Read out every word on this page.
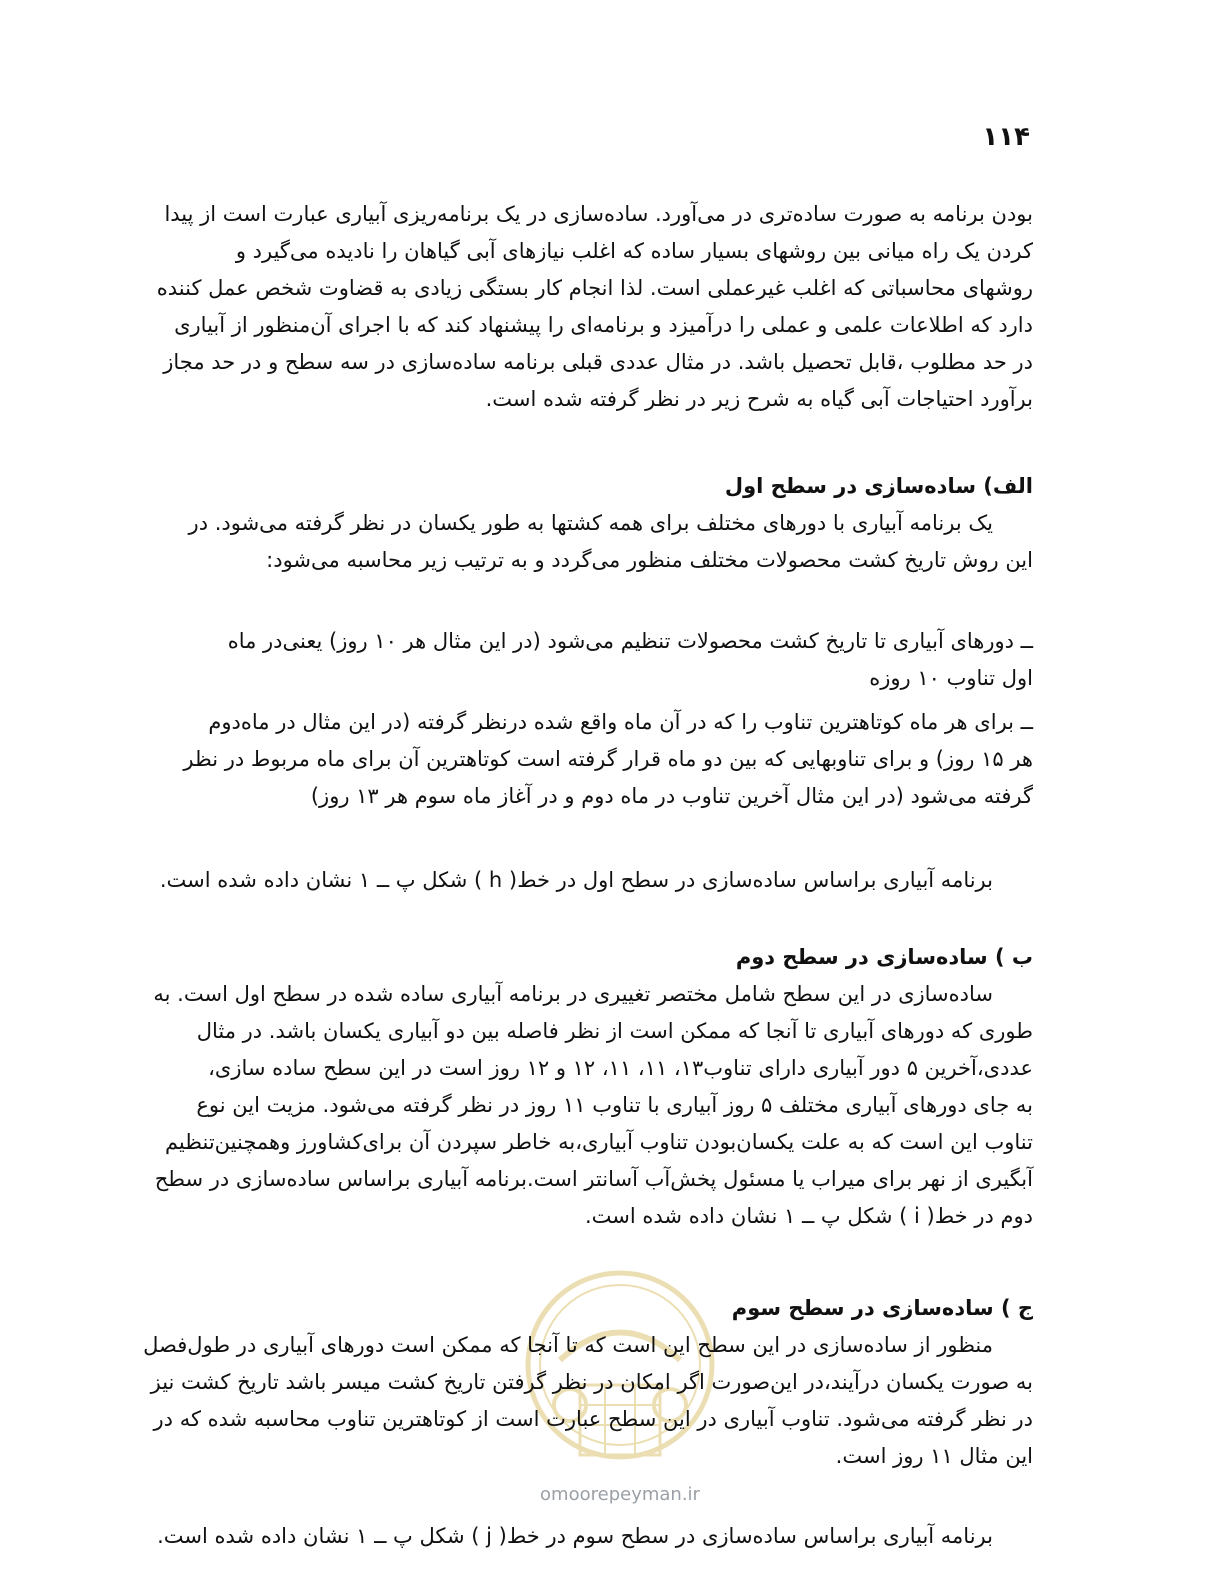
۱۱۴
بودن برنامه به صورت ساده‌تری در می‌آورد. ساده‌سازی در یک برنامه‌ریزی آبیاری عبارت است از پیدا
کردن یک راه میانی بین روشهای بسیار ساده که اغلب نیازهای آبی گیاهان را نادیده می‌گیرد و
روشهای محاسباتی که اغلب غیرعملی است. لذا انجام کار بستگی زیادی به قضاوت شخص عمل کننده
دارد که اطلاعات علمی و عملی را درآمیزد و برنامه‌ای را پیشنهاد کند که با اجرای آن‌منظور از آبیاری
در حد مطلوب ،قابل تحصیل باشد. در مثال عددی قبلی برنامه ساده‌سازی در سه سطح و در حد مجاز
برآورد احتیاجات آبی گیاه به شرح زیر در نظر گرفته شده است.
الف) ساده‌سازی در سطح اول
یک برنامه آبیاری با دورهای مختلف برای همه کشتها به طور یکسان در نظر گرفته می‌شود. در
این روش تاریخ کشت محصولات مختلف منظور می‌گردد و به ترتیب زیر محاسبه می‌شود:
ــ دورهای آبیاری تا تاریخ کشت محصولات تنظیم می‌شود (در این مثال هر ۱۰ روز) یعنی‌در ماه
اول تناوب ۱۰ روزه
ــ برای هر ماه کوتاهترین تناوب را که در آن ماه واقع شده درنظر گرفته (در این مثال در ماه‌دوم
هر ۱۵ روز) و برای تناوبهایی که بین دو ماه قرار گرفته است کوتاهترین آن برای ماه مربوط در نظر
گرفته می‌شود (در این مثال آخرین تناوب در ماه دوم و در آغاز ماه سوم هر ۱۳ روز)
برنامه آبیاری براساس ساده‌سازی در سطح اول در خط( h ) شکل پ ــ ۱ نشان داده شده است.
ب ) ساده‌سازی در سطح دوم
ساده‌سازی در این سطح شامل مختصر تغییری در برنامه آبیاری ساده شده در سطح اول است. به
طوری که دورهای آبیاری تا آنجا که ممکن است از نظر فاصله بین دو آبیاری یکسان باشد. در مثال
عددی،آخرین ۵ دور آبیاری دارای تناوب۱۳، ۱۱، ۱۱، ۱۲ و ۱۲ روز است در این سطح ساده سازی،
به جای دورهای آبیاری مختلف ۵ روز آبیاری با تناوب ۱۱ روز در نظر گرفته می‌شود. مزیت این نوع
تناوب این است که به علت یکسان‌بودن تناوب آبیاری،به خاطر سپردن آن برای‌کشاورز وهمچنین‌تنظیم
آبگیری از نهر برای میراب یا مسئول پخش‌آب آسانتر است.برنامه آبیاری براساس ساده‌سازی در سطح
دوم در خط( i ) شکل پ ــ ۱ نشان داده شده است.
ج ) ساده‌سازی در سطح سوم
منظور از ساده‌سازی در این سطح این است که تا آنجا که ممکن است دورهای آبیاری در طول‌فصل
به صورت یکسان درآیند،در این‌صورت اگر امکان در نظر گرفتن تاریخ کشت میسر باشد تاریخ کشت نیز
در نظر گرفته می‌شود. تناوب آبیاری در این سطح عبارت است از کوتاهترین تناوب محاسبه شده که در
این مثال ۱۱ روز است.
omoorepeyman.ir
برنامه آبیاری براساس ساده‌سازی در سطح سوم در خط( j ) شکل پ ــ ۱ نشان داده شده است.
